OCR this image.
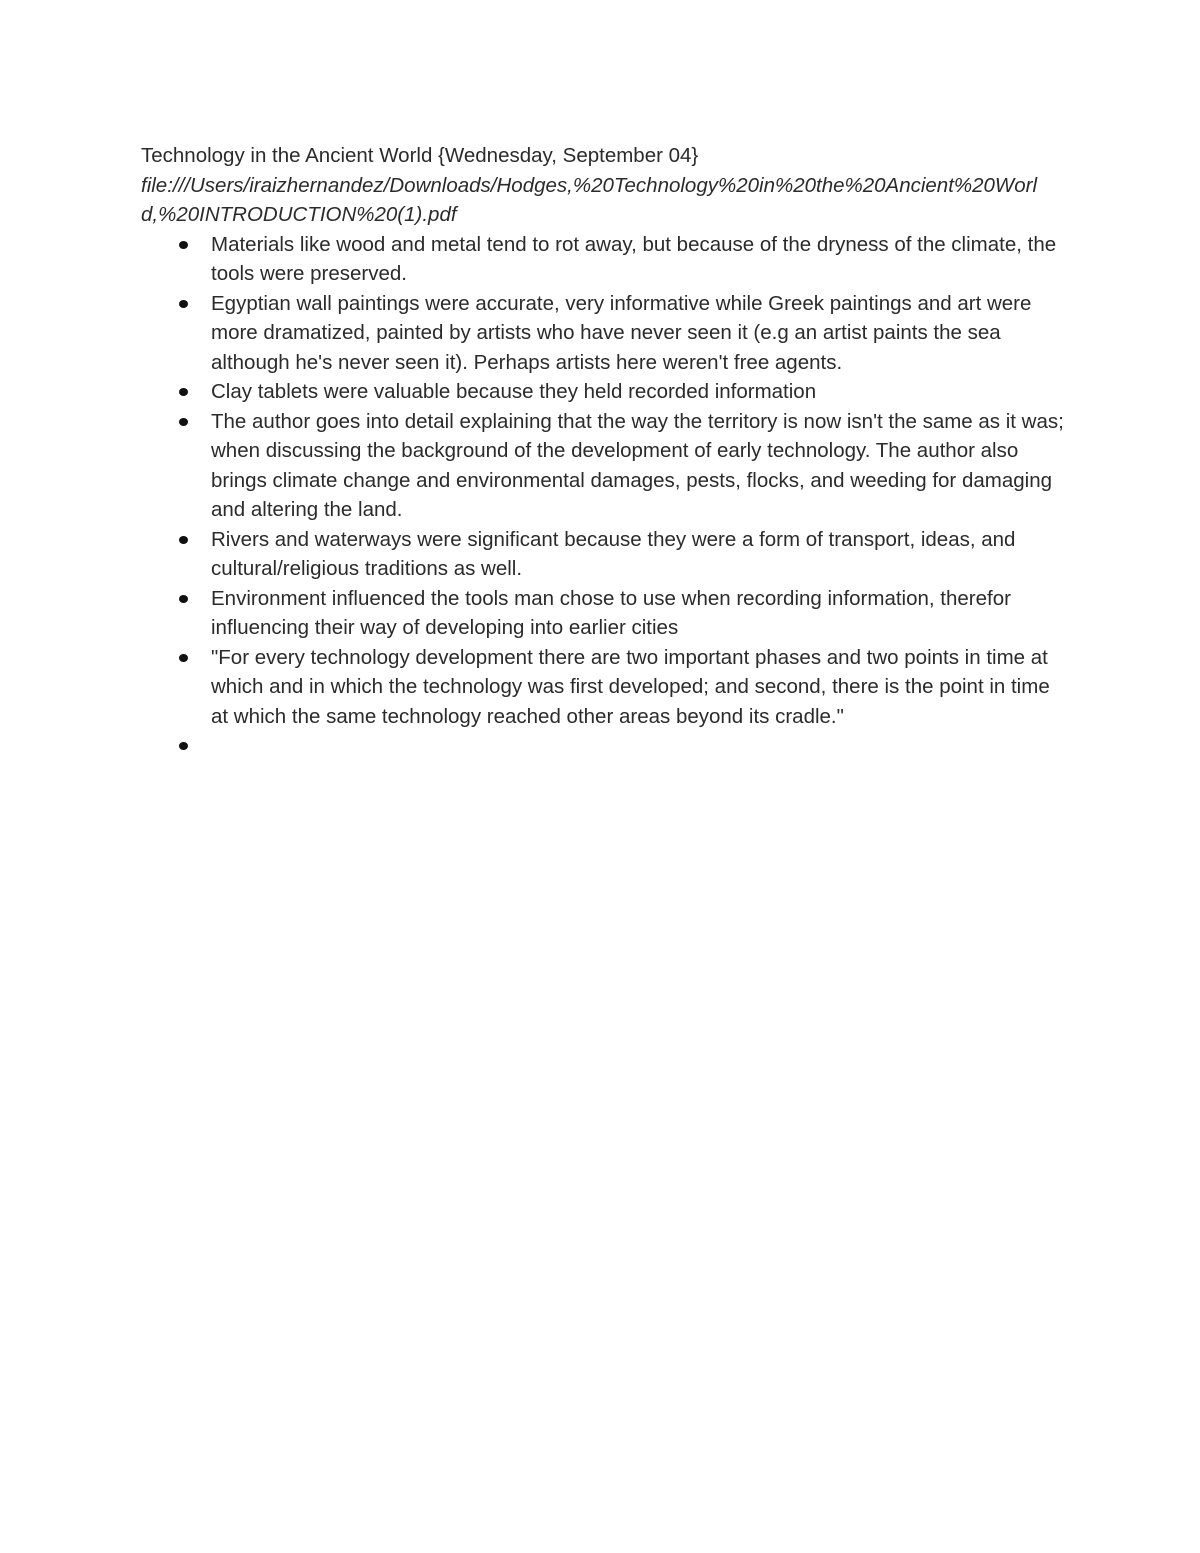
Technology in the Ancient World {Wednesday, September 04}

file:///Users/iraizhernandez/Downloads/Hodges,%20Technology%20in%20the%20Ancient%20World,%20INTRODUCTION%20(1).pdf

Materials like wood and metal tend to rot away, but because of the dryness of the climate, the tools were preserved.
Egyptian wall paintings were accurate, very informative while Greek paintings and art were more dramatized, painted by artists who have never seen it (e.g an artist paints the sea although he's never seen it). Perhaps artists here weren't free agents.
Clay tablets were valuable because they held recorded information
The author goes into detail explaining that the way the territory is now isn't the same as it was; when discussing the background of the development of early technology. The author also brings climate change and environmental damages, pests, flocks, and weeding for damaging and altering the land.
Rivers and waterways were significant because they were a form of transport, ideas, and cultural/religious traditions as well.
Environment influenced the tools man chose to use when recording information, therefor influencing their way of developing into earlier cities
"For every technology development there are two important phases and two points in time at which and in which the technology was first developed; and second, there is the point in time at which the same technology reached other areas beyond its cradle."
